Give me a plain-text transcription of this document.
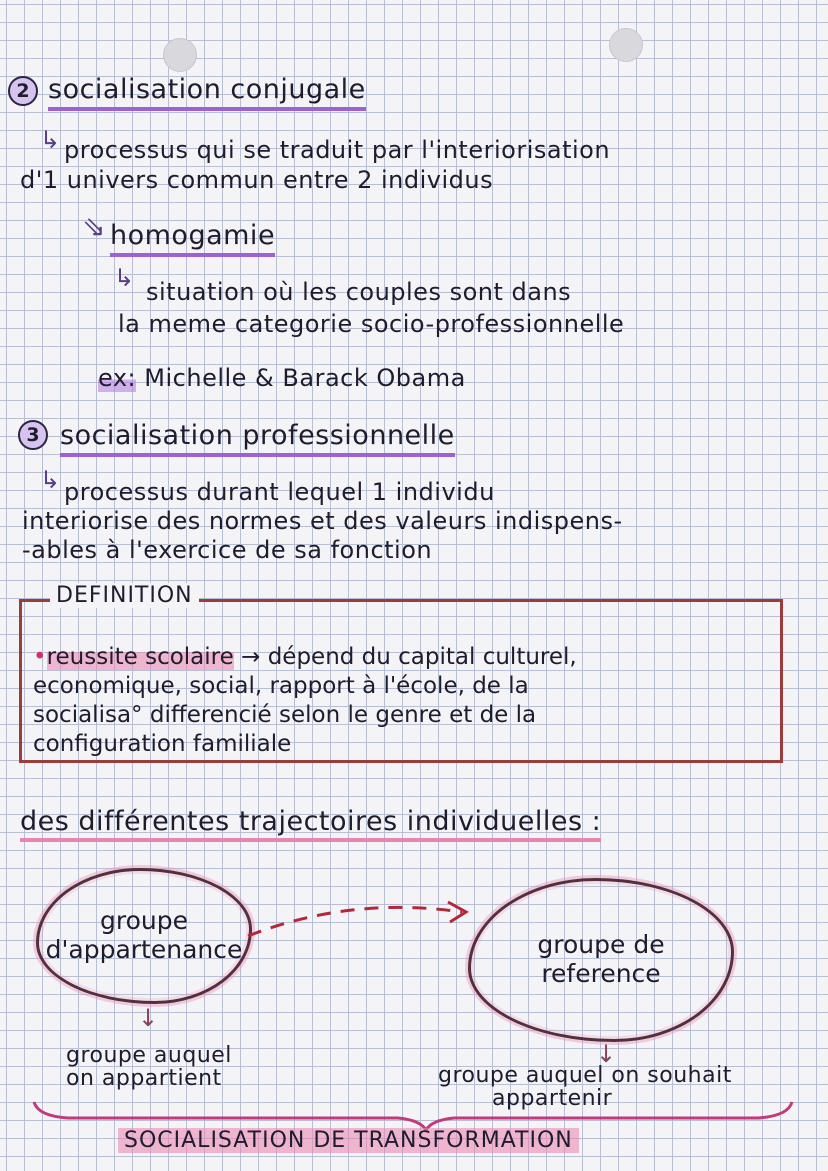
2 socialisation conjugale
↳ processus qui se traduit par l'interiorisation
d'1 univers commun entre 2 individus
⇘ homogamie
↳ situation où les couples sont dans
la meme categorie socio-professionnelle
ex: Michelle & Barack Obama
3 socialisation professionnelle
↳ processus durant lequel 1 individu
interiorise des normes et des valeurs indispens-
-ables à l'exercice de sa fonction
DEFINITION
•reussite scolaire → dépend du capital culturel,
economique, social, rapport à l'école, de la
socialisa° differencié selon le genre et de la
configuration familiale
des différentes trajectoires individuelles :
groupe
d'appartenance	groupe de
reference
↓
↓
groupe auquel
on appartient	groupe auquel on souhait
appartenir
SOCIALISATION DE TRANSFORMATION
